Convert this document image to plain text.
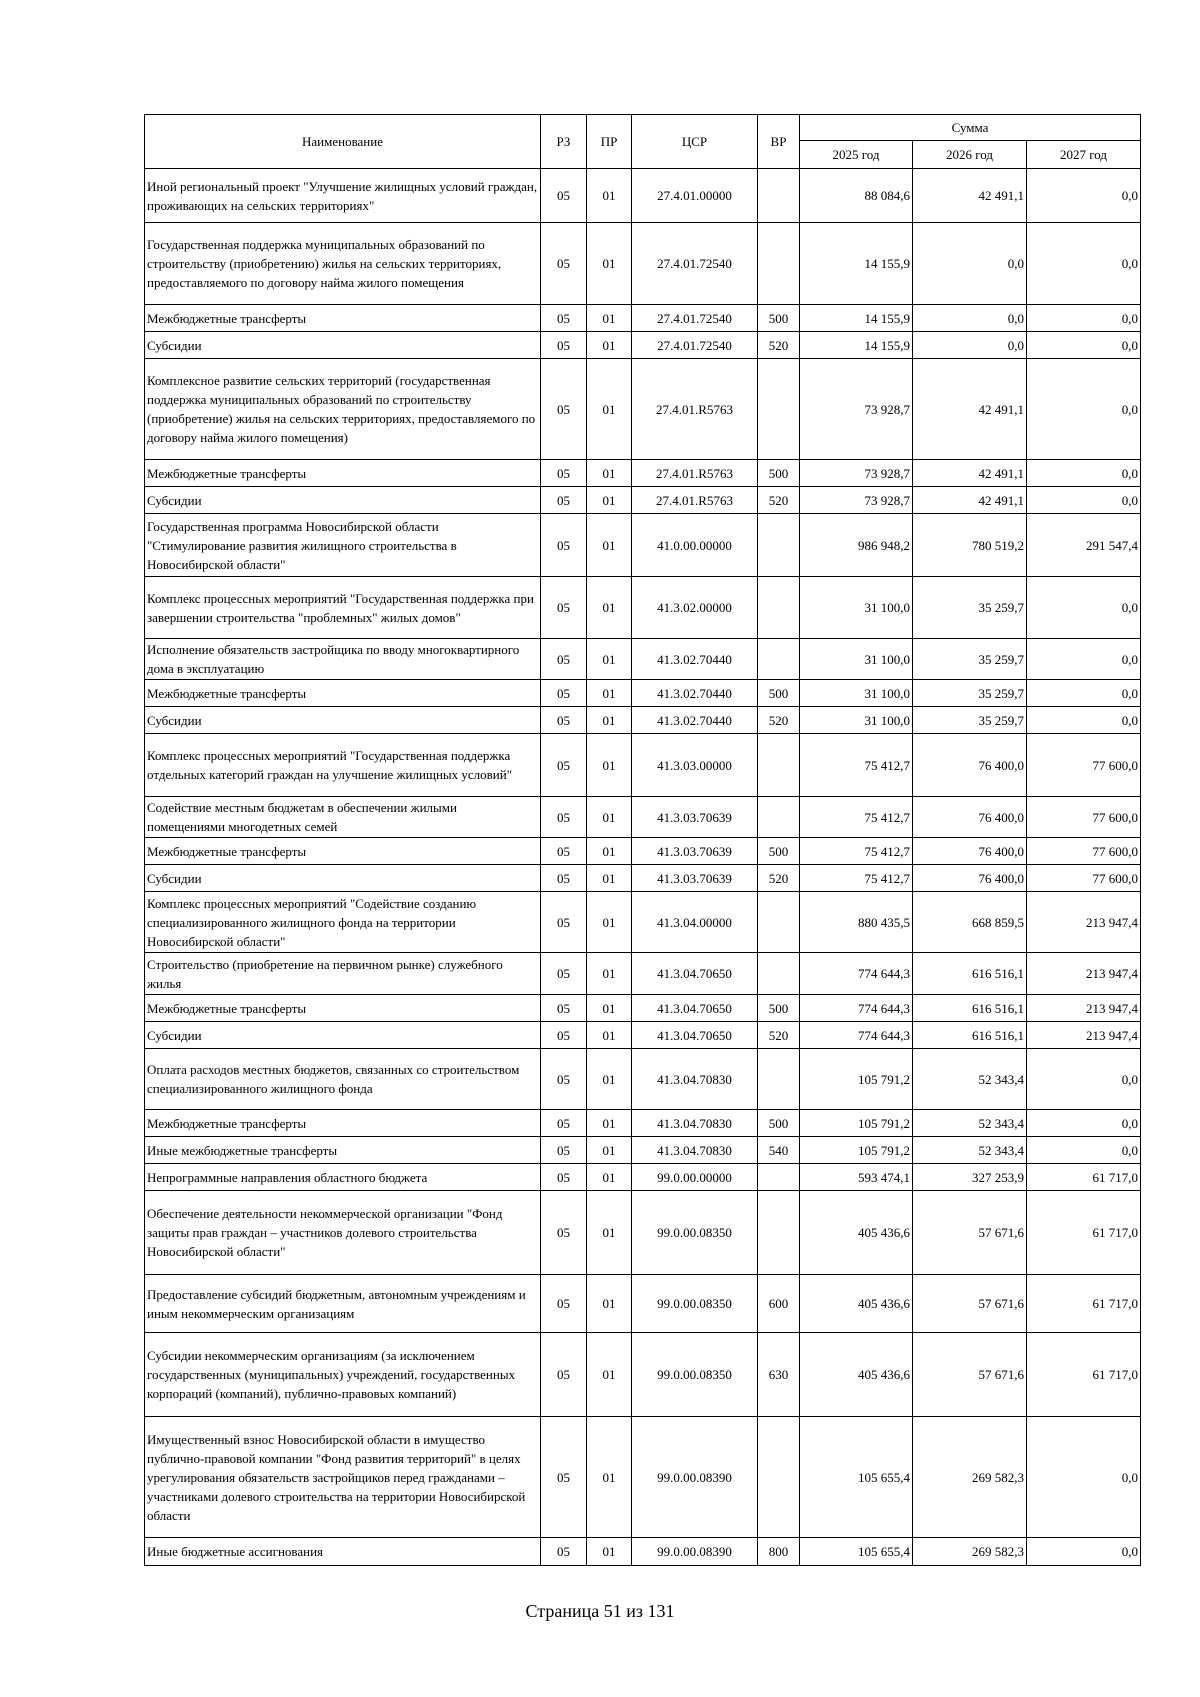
Наименование	РЗ	ПР	ЦСР	ВР	Сумма		
					2025 год	2026 год	2027 год
Иной региональный проект "Улучшение жилищных условий граждан, проживающих на сельских территориях"	05	01	27.4.01.00000		88 084,6	42 491,1	0,0
Государственная поддержка муниципальных образований по строительству (приобретению) жилья на сельских территориях, предоставляемого по договору найма жилого помещения	05	01	27.4.01.72540		14 155,9	0,0	0,0
Межбюджетные трансферты	05	01	27.4.01.72540	500	14 155,9	0,0	0,0
Субсидии	05	01	27.4.01.72540	520	14 155,9	0,0	0,0
Комплексное развитие сельских территорий (государственная поддержка муниципальных образований по строительству (приобретение) жилья на сельских территориях, предоставляемого по договору найма жилого помещения)	05	01	27.4.01.R5763		73 928,7	42 491,1	0,0
Межбюджетные трансферты	05	01	27.4.01.R5763	500	73 928,7	42 491,1	0,0
Субсидии	05	01	27.4.01.R5763	520	73 928,7	42 491,1	0,0
Государственная программа Новосибирской области "Стимулирование развития жилищного строительства в Новосибирской области"	05	01	41.0.00.00000		986 948,2	780 519,2	291 547,4
Комплекс процессных мероприятий "Государственная поддержка при завершении строительства "проблемных" жилых домов"	05	01	41.3.02.00000		31 100,0	35 259,7	0,0
Исполнение обязательств застройщика по вводу многоквартирного дома в эксплуатацию	05	01	41.3.02.70440		31 100,0	35 259,7	0,0
Межбюджетные трансферты	05	01	41.3.02.70440	500	31 100,0	35 259,7	0,0
Субсидии	05	01	41.3.02.70440	520	31 100,0	35 259,7	0,0
Комплекс процессных мероприятий "Государственная поддержка отдельных категорий граждан на улучшение жилищных условий"	05	01	41.3.03.00000		75 412,7	76 400,0	77 600,0
Содействие местным бюджетам в обеспечении жилыми помещениями многодетных семей	05	01	41.3.03.70639		75 412,7	76 400,0	77 600,0
Межбюджетные трансферты	05	01	41.3.03.70639	500	75 412,7	76 400,0	77 600,0
Субсидии	05	01	41.3.03.70639	520	75 412,7	76 400,0	77 600,0
Комплекс процессных мероприятий "Содействие созданию специализированного жилищного фонда на территории Новосибирской области"	05	01	41.3.04.00000		880 435,5	668 859,5	213 947,4
Строительство (приобретение на первичном рынке) служебного жилья	05	01	41.3.04.70650		774 644,3	616 516,1	213 947,4
Межбюджетные трансферты	05	01	41.3.04.70650	500	774 644,3	616 516,1	213 947,4
Субсидии	05	01	41.3.04.70650	520	774 644,3	616 516,1	213 947,4
Оплата расходов местных бюджетов, связанных со строительством специализированного жилищного фонда	05	01	41.3.04.70830		105 791,2	52 343,4	0,0
Межбюджетные трансферты	05	01	41.3.04.70830	500	105 791,2	52 343,4	0,0
Иные межбюджетные трансферты	05	01	41.3.04.70830	540	105 791,2	52 343,4	0,0
Непрограммные направления областного бюджета	05	01	99.0.00.00000		593 474,1	327 253,9	61 717,0
Обеспечение деятельности некоммерческой организации "Фонд защиты прав граждан – участников долевого строительства Новосибирской области"	05	01	99.0.00.08350		405 436,6	57 671,6	61 717,0
Предоставление субсидий бюджетным, автономным учреждениям и иным некоммерческим организациям	05	01	99.0.00.08350	600	405 436,6	57 671,6	61 717,0
Субсидии некоммерческим организациям (за исключением государственных (муниципальных) учреждений, государственных корпораций (компаний), публично-правовых компаний)	05	01	99.0.00.08350	630	405 436,6	57 671,6	61 717,0
Имущественный взнос Новосибирской области в имущество публично-правовой компании "Фонд развития территорий" в целях урегулирования обязательств застройщиков перед гражданами – участниками долевого строительства на территории Новосибирской области	05	01	99.0.00.08390		105 655,4	269 582,3	0,0
Иные бюджетные ассигнования	05	01	99.0.00.08390	800	105 655,4	269 582,3	0,0
Страница 51 из 131
